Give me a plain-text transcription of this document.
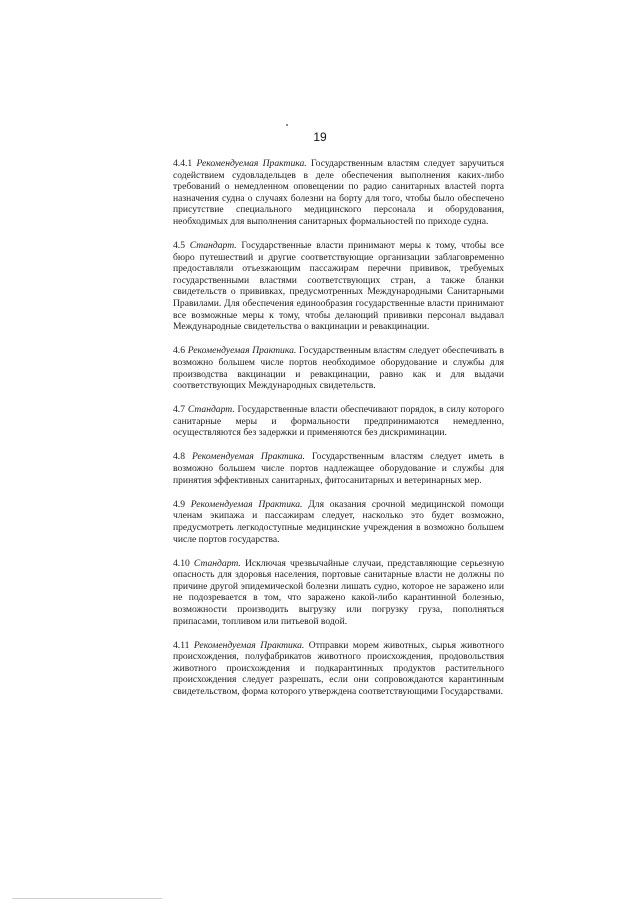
19

4.4.1 Рекомендуемая Практика. Государственным властям следует заручиться содействием судовладельцев в деле обеспечения выполнения каких-либо требований о немедленном оповещении по радио санитарных властей порта назначения судна о случаях болезни на борту для того, чтобы было обеспечено присутствие специального медицинского персонала и оборудования, необходимых для выполнения санитарных формальностей по приходе судна.

4.5 Стандарт. Государственные власти принимают меры к тому, чтобы все бюро путешествий и другие соответствующие организации заблаговременно предоставляли отъезжающим пассажирам перечни прививок, требуемых государственными властями соответствующих стран, а также бланки свидетельств о прививках, предусмотренных Международными Санитарными Правилами. Для обеспечения единообразия государственные власти принимают все возможные меры к тому, чтобы делающий прививки персонал выдавал Международные свидетельства о вакцинации и ревакцинации.

4.6 Рекомендуемая Практика. Государственным властям следует обеспечивать в возможно большем числе портов необходимое оборудование и службы для производства вакцинации и ревакцинации, равно как и для выдачи соответствующих Международных свидетельств.

4.7 Стандарт. Государственные власти обеспечивают порядок, в силу которого санитарные меры и формальности предпринимаются немедленно, осуществляются без задержки и применяются без дискриминации.

4.8 Рекомендуемая Практика. Государственным властям следует иметь в возможно большем числе портов надлежащее оборудование и службы для принятия эффективных санитарных, фитосанитарных и ветеринарных мер.

4.9 Рекомендуемая Практика. Для оказания срочной медицинской помощи членам экипажа и пассажирам следует, насколько это будет возможно, предусмотреть легкодоступные медицинские учреждения в возможно большем числе портов государства.

4.10 Стандарт. Исключая чрезвычайные случаи, представляющие серьезную опасность для здоровья населения, портовые санитарные власти не должны по причине другой эпидемической болезни лишать судно, которое не заражено или не подозревается в том, что заражено какой-либо карантинной болезнью, возможности производить выгрузку или погрузку груза, пополняться припасами, топливом или питьевой водой.

4.11 Рекомендуемая Практика. Отправки морем животных, сырья животного происхождения, полуфабрикатов животного происхождения, продовольствия животного происхождения и подкарантинных продуктов растительного происхождения следует разрешать, если они сопровождаются карантинным свидетельством, форма которого утверждена соответствующими Государствами.
